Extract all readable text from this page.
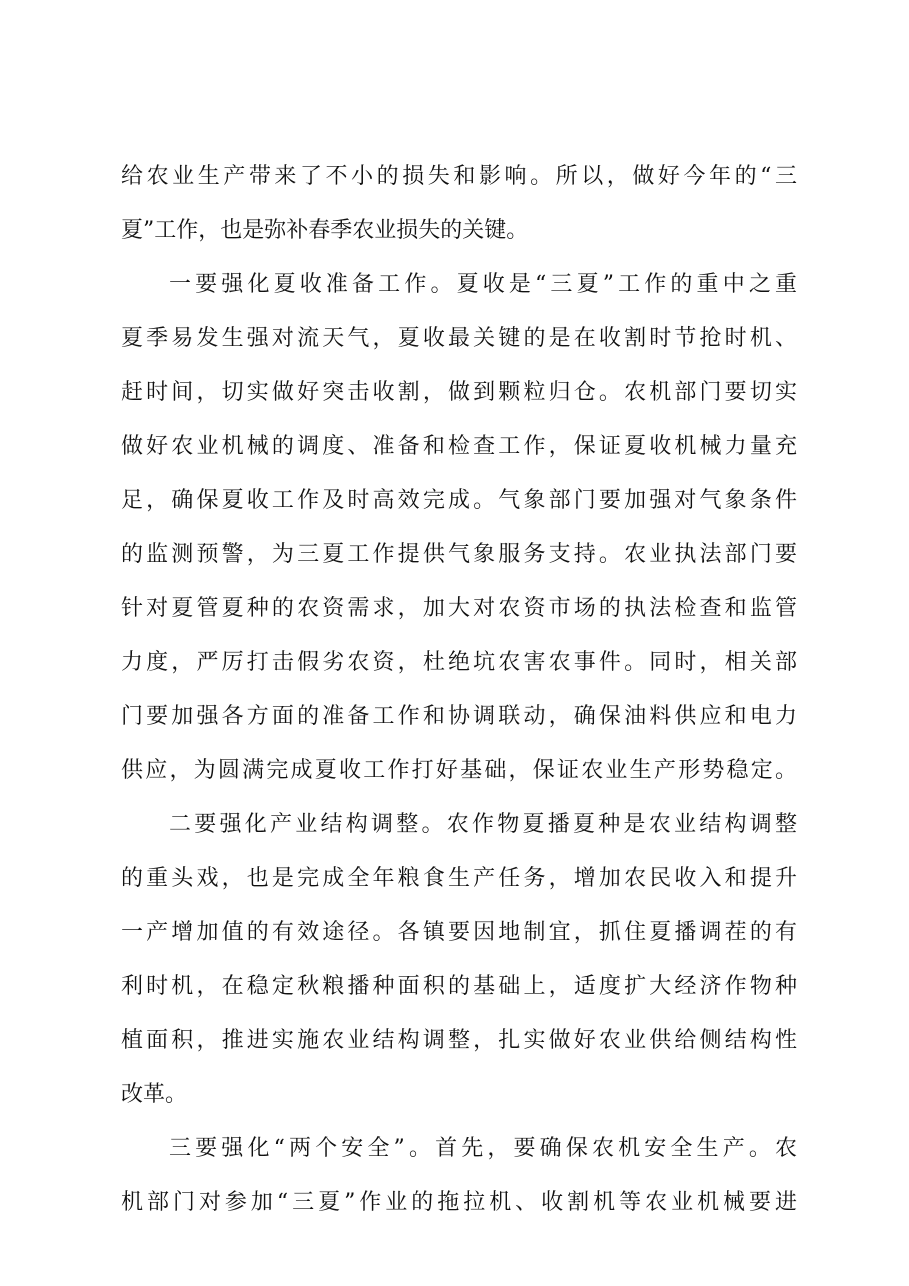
给农业生产带来了不小的损失和影响。所以，做好今年的“三
夏”工作，也是弥补春季农业损失的关键。
一要强化夏收准备工作。夏收是“三夏”工作的重中之重
夏季易发生强对流天气，夏收最关键的是在收割时节抢时机、
赶时间，切实做好突击收割，做到颗粒归仓。农机部门要切实
做好农业机械的调度、准备和检查工作，保证夏收机械力量充
足，确保夏收工作及时高效完成。气象部门要加强对气象条件
的监测预警，为三夏工作提供气象服务支持。农业执法部门要
针对夏管夏种的农资需求，加大对农资市场的执法检查和监管
力度，严厉打击假劣农资，杜绝坑农害农事件。同时，相关部
门要加强各方面的准备工作和协调联动，确保油料供应和电力
供应，为圆满完成夏收工作打好基础，保证农业生产形势稳定。
二要强化产业结构调整。农作物夏播夏种是农业结构调整
的重头戏，也是完成全年粮食生产任务，增加农民收入和提升
一产增加值的有效途径。各镇要因地制宜，抓住夏播调茬的有
利时机，在稳定秋粮播种面积的基础上，适度扩大经济作物种
植面积，推进实施农业结构调整，扎实做好农业供给侧结构性
改革。
三要强化“两个安全”。首先，要确保农机安全生产。农
机部门对参加“三夏”作业的拖拉机、收割机等农业机械要进
